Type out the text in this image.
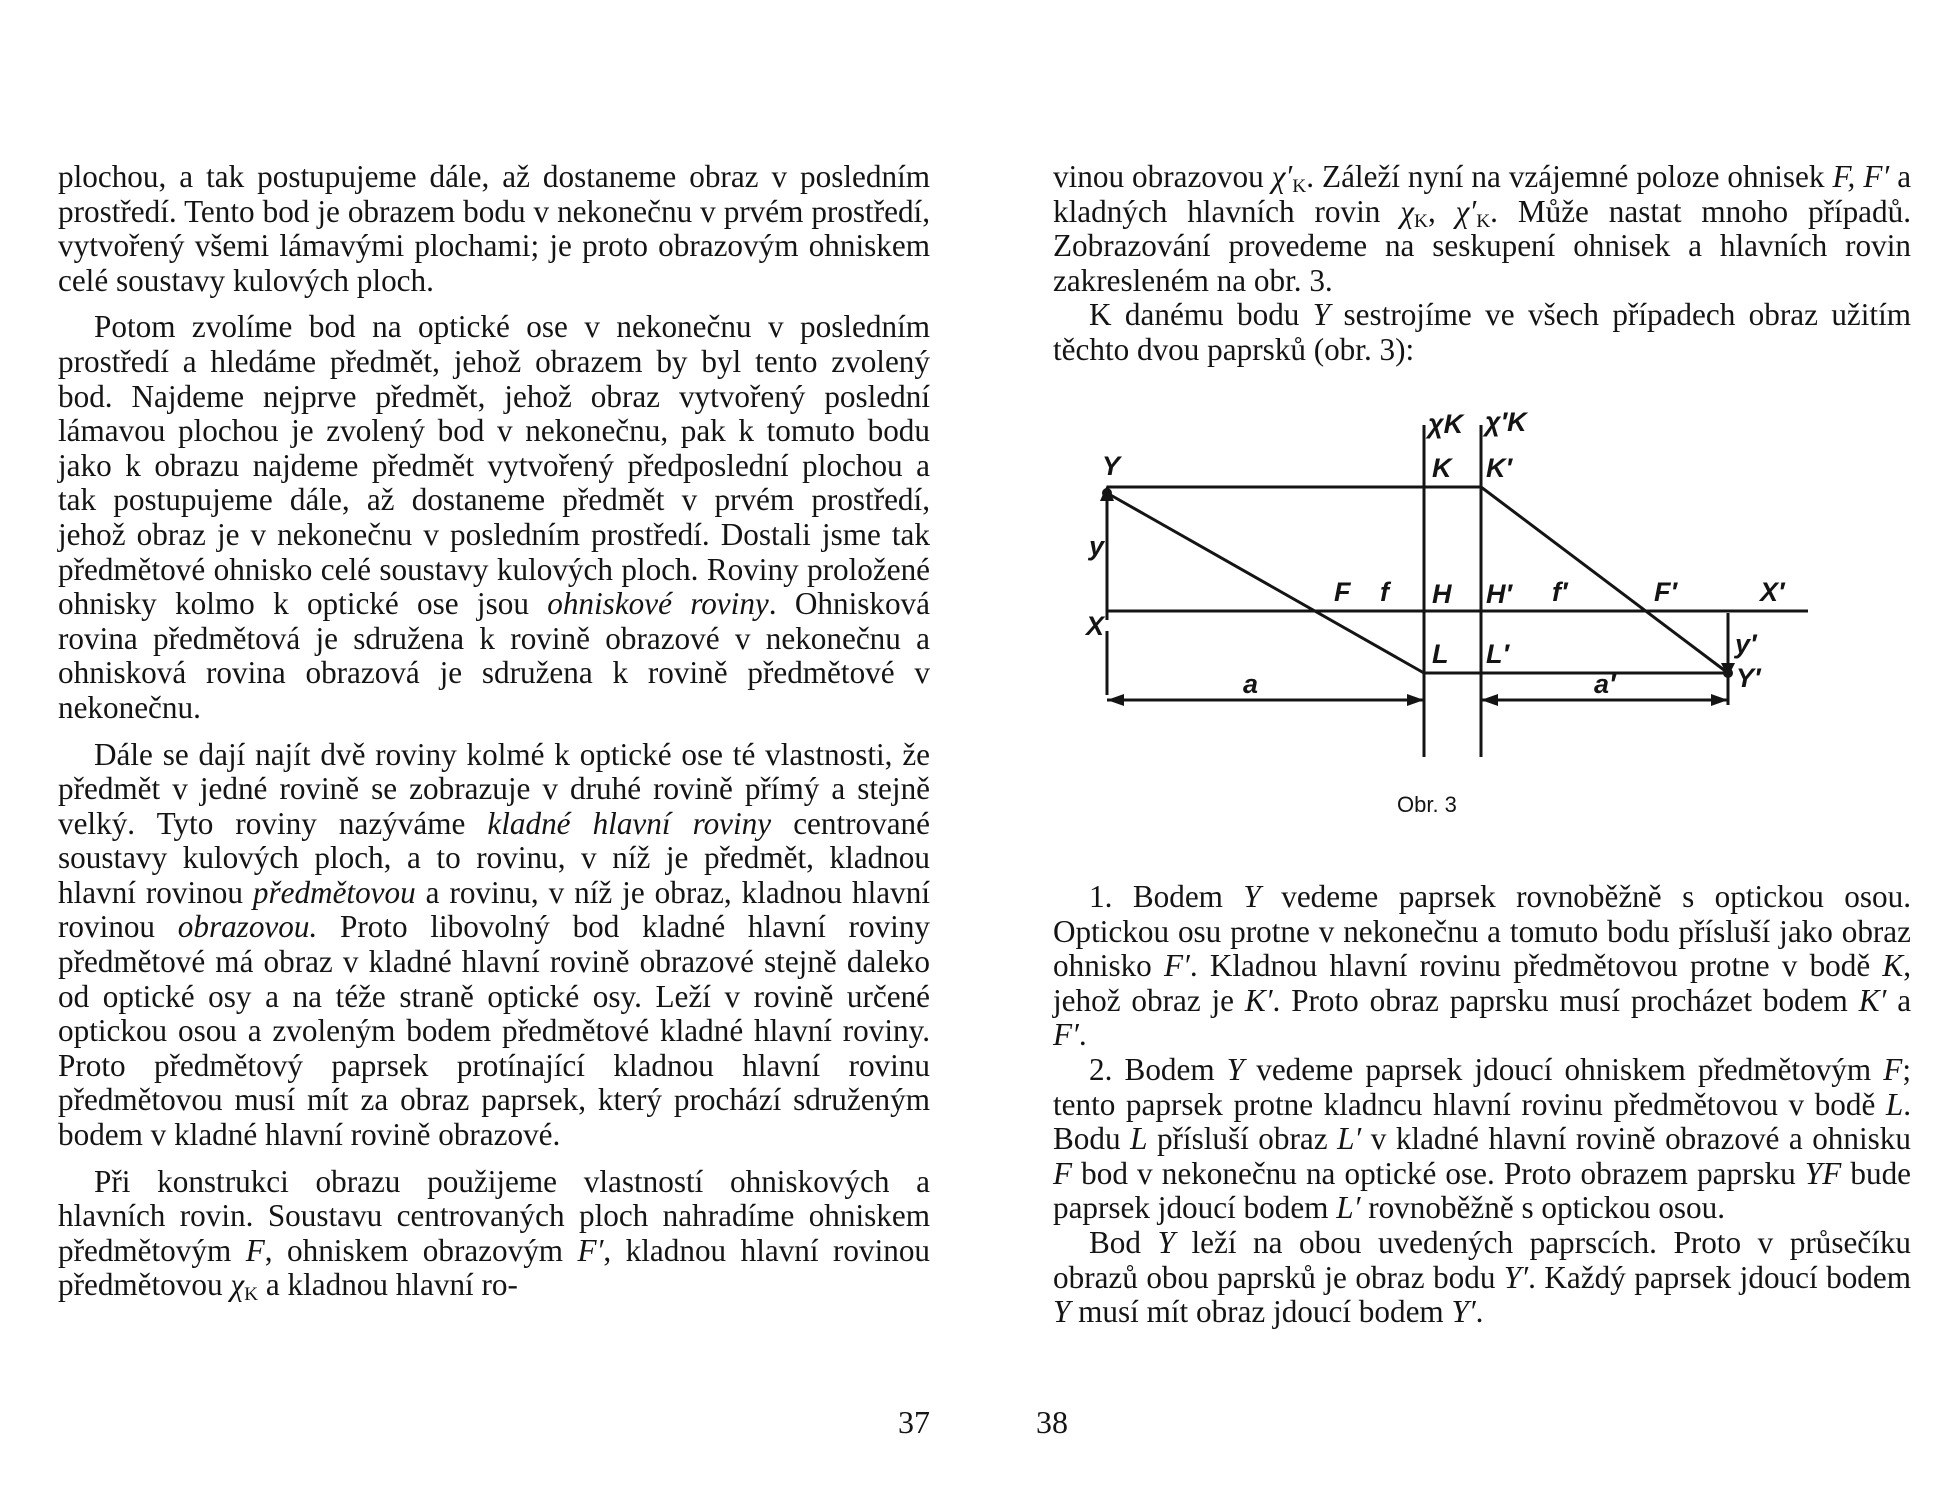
plochou, a tak postupujeme dále, až dostaneme obraz v posledním prostředí. Tento bod je obrazem bodu v nekonečnu v prvém prostředí, vytvořený všemi lámavými plochami; je proto obrazovým ohniskem celé soustavy kulových ploch.

Potom zvolíme bod na optické ose v nekonečnu v posledním prostředí a hledáme předmět, jehož obrazem by byl tento zvolený bod. Najdeme nejprve předmět, jehož obraz vytvořený poslední lámavou plochou je zvolený bod v nekonečnu, pak k tomuto bodu jako k obrazu najdeme předmět vytvořený předposlední plochou a tak postupujeme dále, až dostaneme předmět v prvém prostředí, jehož obraz je v nekonečnu v posledním prostředí. Dostali jsme tak předmětové ohnisko celé soustavy kulových ploch. Roviny proložené ohnisky kolmo k optické ose jsou ohniskové roviny. Ohnisková rovina předmětová je sdružena k rovině obrazové v nekonečnu a ohnisková rovina obrazová je sdružena k rovině předmětové v nekonečnu.

Dále se dají najít dvě roviny kolmé k optické ose té vlastnosti, že předmět v jedné rovině se zobrazuje v druhé rovině přímý a stejně velký. Tyto roviny nazýváme kladné hlavní roviny centrované soustavy kulových ploch, a to rovinu, v níž je předmět, kladnou hlavní rovinou předmětovou a rovinu, v níž je obraz, kladnou hlavní rovinou obrazovou. Proto libovolný bod kladné hlavní roviny předmětové má obraz v kladné hlavní rovině obrazové stejně daleko od optické osy a na téže straně optické osy. Leží v rovině určené optickou osou a zvoleným bodem předmětové kladné hlavní roviny. Proto předmětový paprsek protínající kladnou hlavní rovinu předmětovou musí mít za obraz paprsek, který prochází sdruženým bodem v kladné hlavní rovině obrazové.

Při konstrukci obrazu použijeme vlastností ohniskových a hlavních rovin. Soustavu centrovaných ploch nahradíme ohniskem předmětovým F, ohniskem obrazovým F′, kladnou hlavní rovinou předmětovou $\chi_K$ a kladnou hlavní ro-

37

vinou obrazovou $\chi'_K$. Záleží nyní na vzájemné poloze ohnisek F, F′ a kladných hlavních rovin $\chi_K$, $\chi'_K$. Může nastat mnoho případů. Zobrazování provedeme na seskupení ohnisek a hlavních rovin zakresleném na obr. 3.

K danému bodu Y sestrojíme ve všech případech obraz užitím těchto dvou paprsků (obr. 3):

χK χ′K
Y	K K′
y
F f H H′ f′	F′	X′
X
y′
L L′
Y′
a	a′
Obr. 3

1. Bodem Y vedeme paprsek rovnoběžně s optickou osou. Optickou osu protne v nekonečnu a tomuto bodu přísluší jako obraz ohnisko F′. Kladnou hlavní rovinu předmětovou protne v bodě K, jehož obraz je K′. Proto obraz paprsku musí procházet bodem K′ a F′.

2. Bodem Y vedeme paprsek jdoucí ohniskem předmětovým F; tento paprsek protne kladncu hlavní rovinu předmětovou v bodě L. Bodu L přísluší obraz L′ v kladné hlavní rovině obrazové a ohnisku F bod v nekonečnu na optické ose. Proto obrazem paprsku YF bude paprsek jdoucí bodem L′ rovnoběžně s optickou osou.

Bod Y leží na obou uvedených paprscích. Proto v průsečíku obrazů obou paprsků je obraz bodu Y′. Každý paprsek jdoucí bodem Y musí mít obraz jdoucí bodem Y′.

38
